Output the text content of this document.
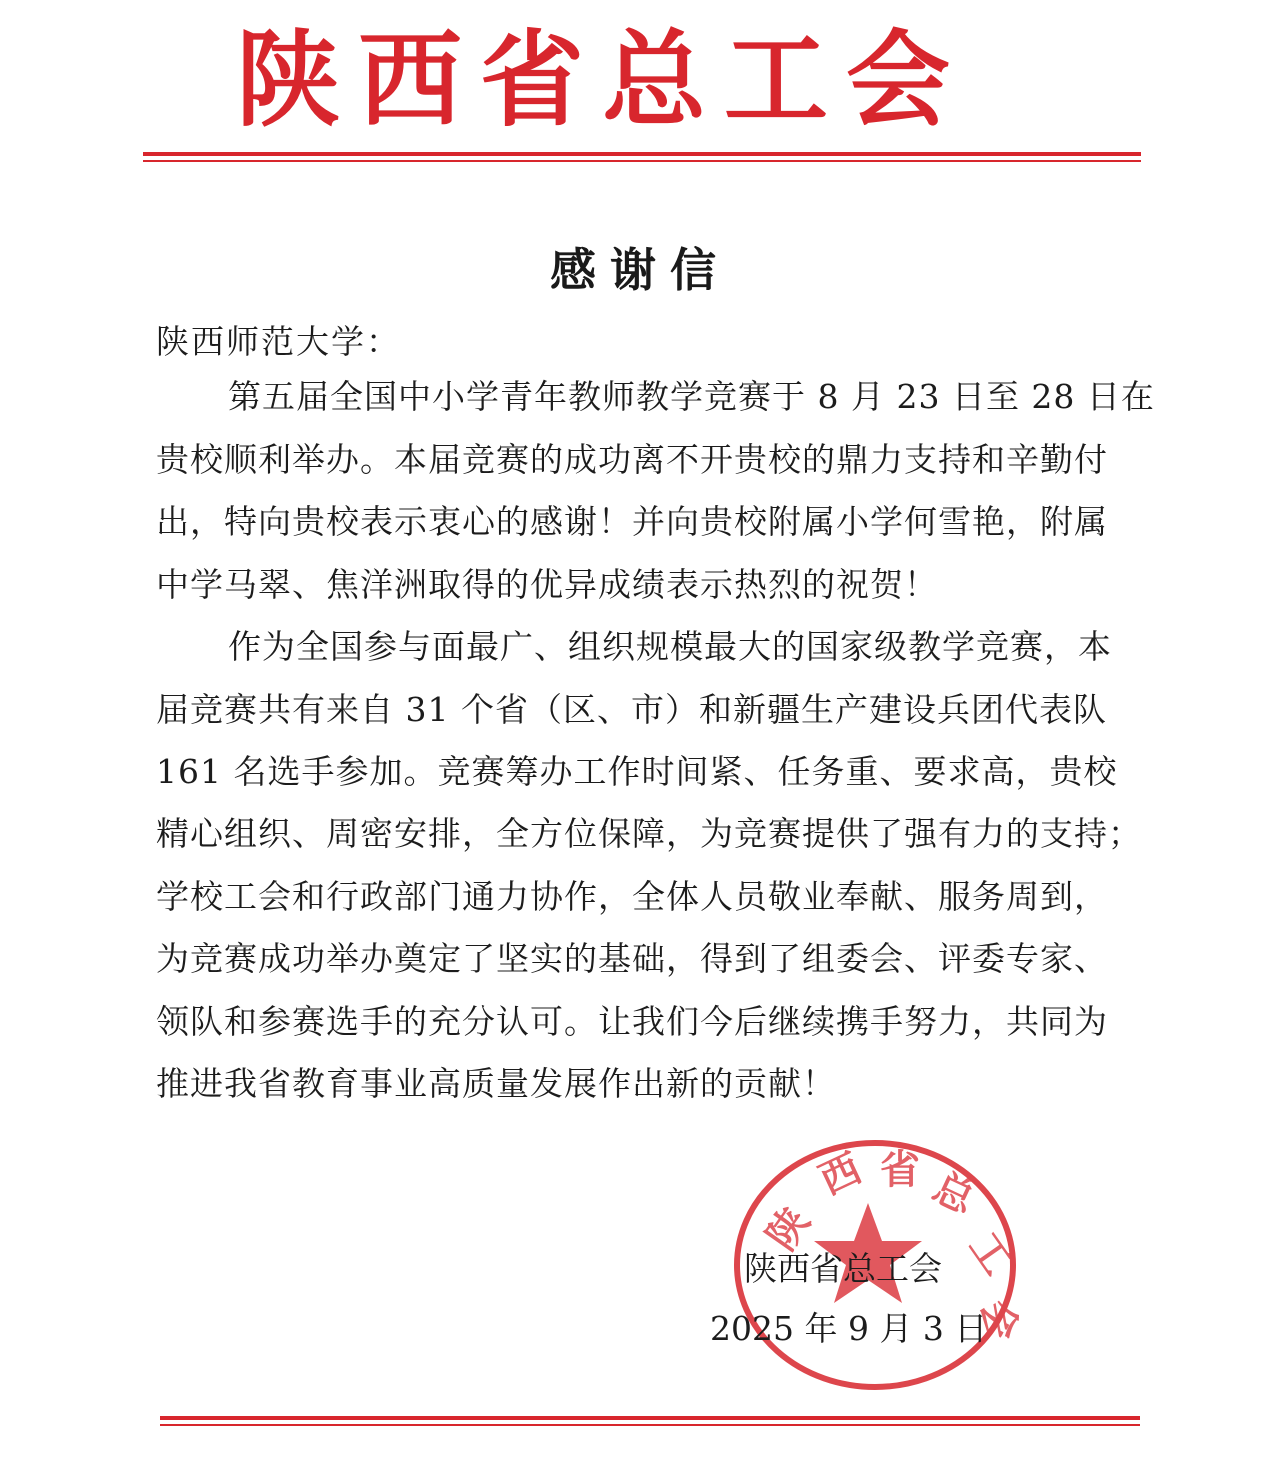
陕西省总工会
感谢信
陕西师范大学：
第五届全国中小学青年教师教学竞赛于 8 月 23 日至 28 日在
贵校顺利举办。本届竞赛的成功离不开贵校的鼎力支持和辛勤付
出，特向贵校表示衷心的感谢！并向贵校附属小学何雪艳，附属
中学马翠、焦洋洲取得的优异成绩表示热烈的祝贺！
作为全国参与面最广、组织规模最大的国家级教学竞赛，本
届竞赛共有来自 31 个省（区、市）和新疆生产建设兵团代表队
161 名选手参加。竞赛筹办工作时间紧、任务重、要求高，贵校
精心组织、周密安排，全方位保障，为竞赛提供了强有力的支持；
学校工会和行政部门通力协作，全体人员敬业奉献、服务周到，
为竞赛成功举办奠定了坚实的基础，得到了组委会、评委专家、
领队和参赛选手的充分认可。让我们今后继续携手努力，共同为
推进我省教育事业高质量发展作出新的贡献！
陕
西 省 总
工
会
陕西省总工会
2025 年 9 月 3 日
